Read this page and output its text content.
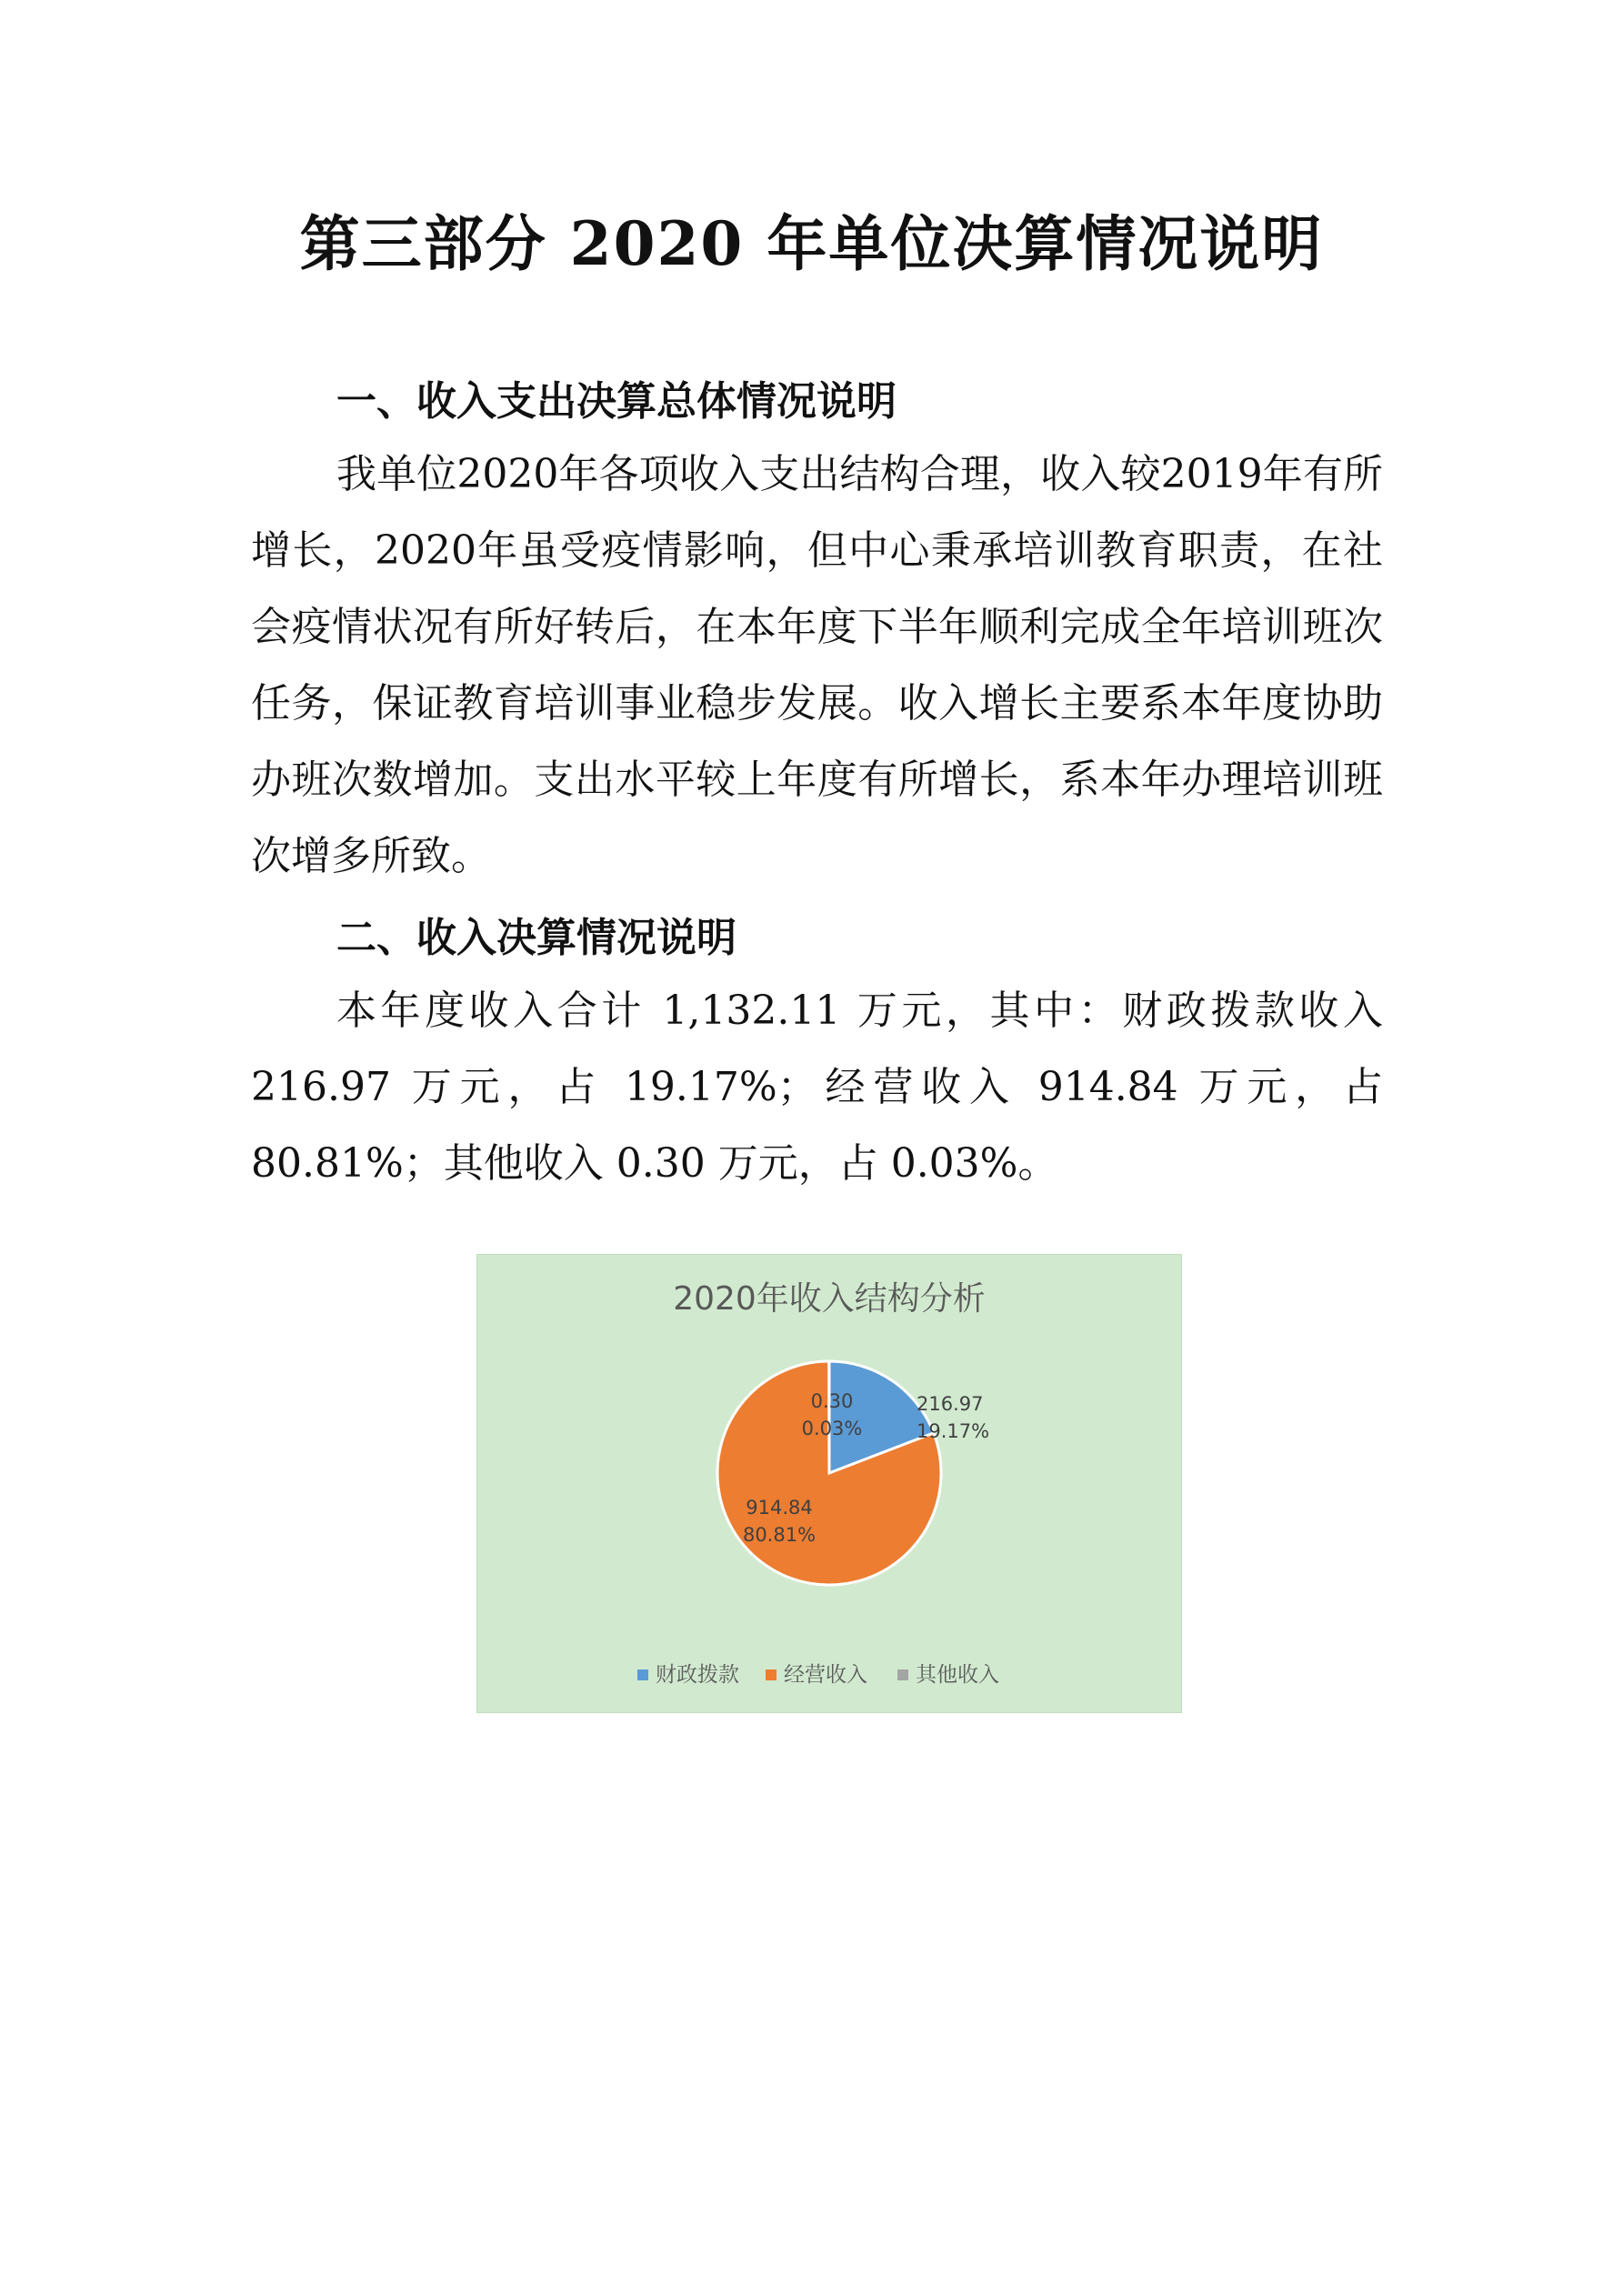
第三部分 2020 年单位决算情况说明
一、收入支出决算总体情况说明

我单位2020年各项收入支出结构合理，收入较2019年有所增长，2020年虽受疫情影响，但中心秉承培训教育职责，在社会疫情状况有所好转后，在本年度下半年顺利完成全年培训班次任务，保证教育培训事业稳步发展。收入增长主要系本年度协助办班次数增加。支出水平较上年度有所增长，系本年办理培训班次增多所致。

二、收入决算情况说明

本年度收入合计 1,132.11 万元，其中：财政拨款收入 216.97 万元，占 19.17%；经营收入 914.84 万元，占 80.81%；其他收入 0.30 万元，占 0.03%。

2020年收入结构分析
216.97
19.17%
914.84
80.81%
0.30
0.03%
财政拨款 经营收入 其他收入
